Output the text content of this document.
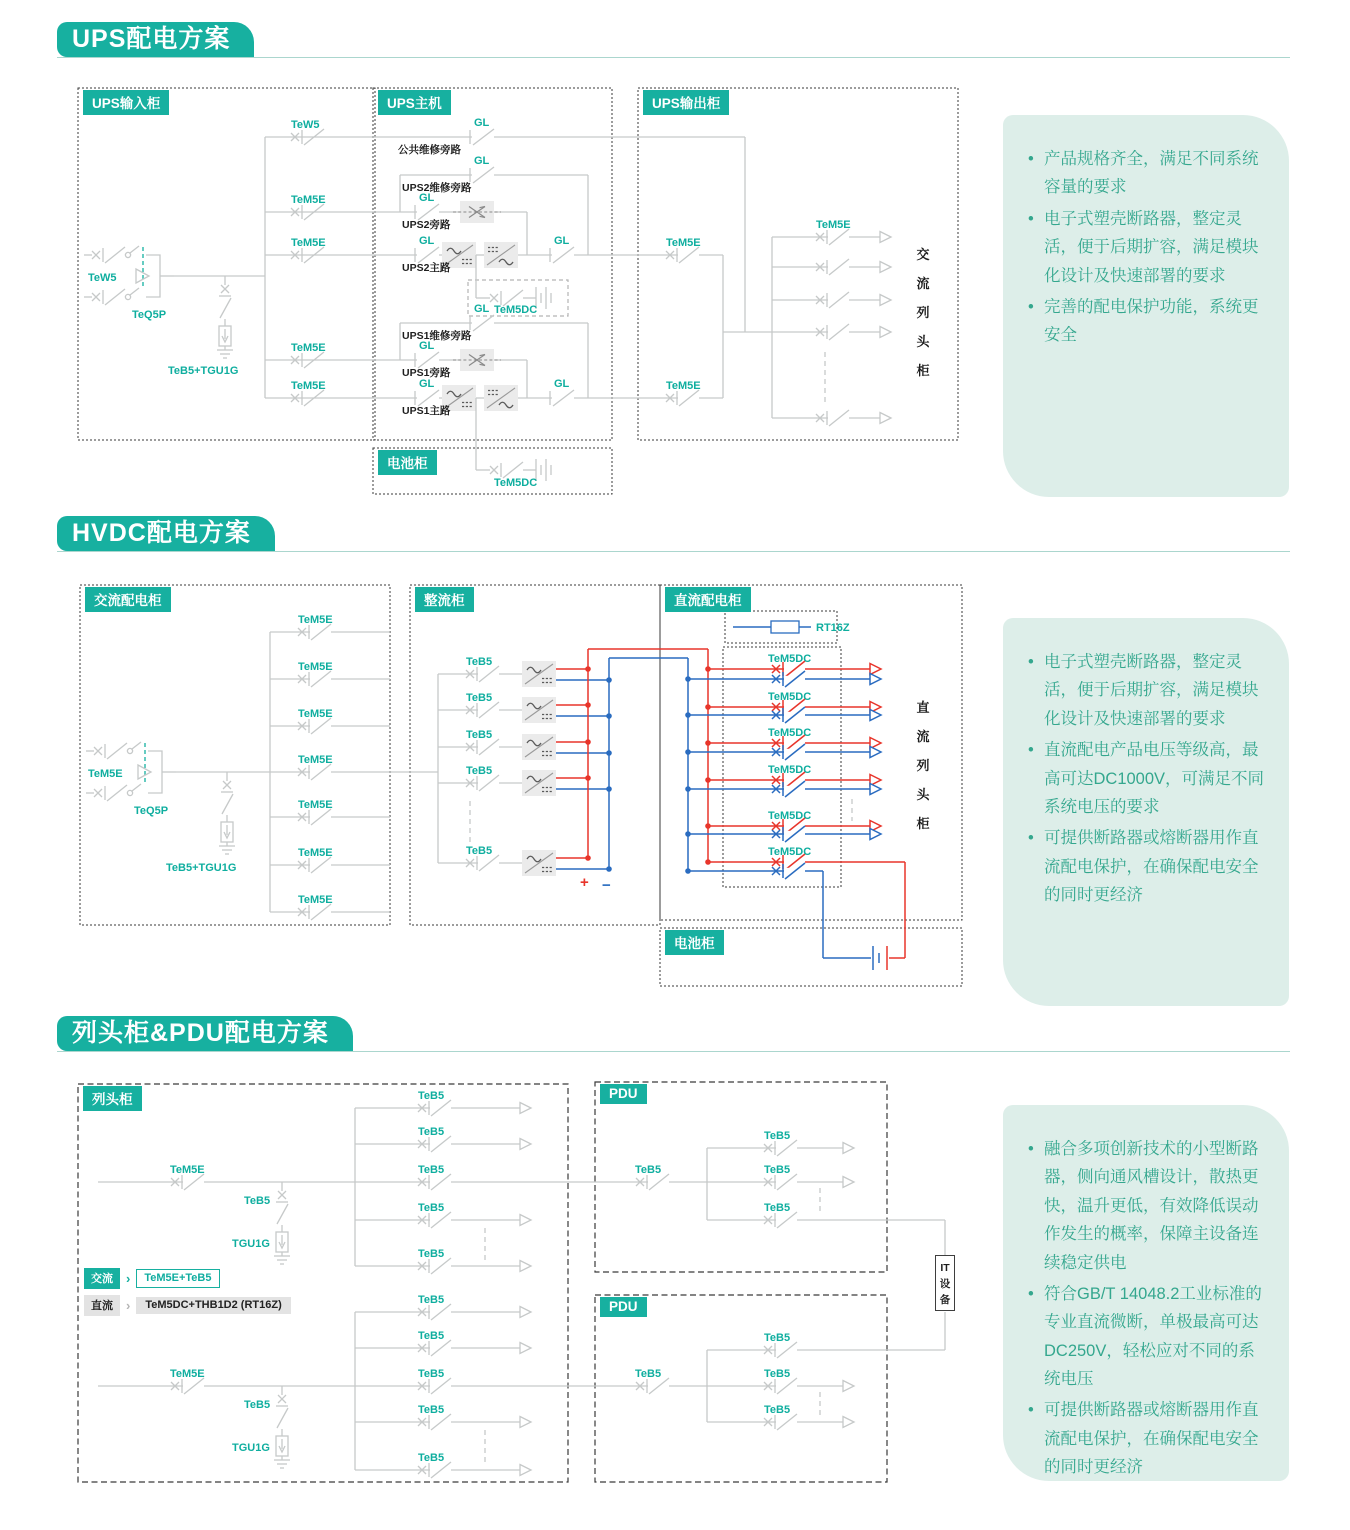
UPS配电方案
HVDC配电方案
列头柜&PDU配电方案
TeW5
TeQ5P
TeB5+TGU1G
TeW5
TeM5E
TeM5E
TeM5E
TeM5E
GL
公共维修旁路
GL
UPS2维修旁路
GL
UPS2旁路
GL	GL
UPS2主路
TeM5DC
GL
UPS1维修旁路
GL
UPS1旁路
GL	GL
UPS1主路
TeM5DC
TeM5E
TeM5E
TeM5E
UPS输入柜	UPS主机	UPS输出柜
电池柜
交流列头柜
• 产品规格齐全，满足不同系统容量的要求
• 电子式塑壳断路器，整定灵活，便于后期扩容，满足模块化设计及快速部署的要求
• 完善的配电保护功能，系统更安全
TeM5E
TeQ5P
TeB5+TGU1G
TeM5E
TeM5E
TeM5E
TeM5E
TeM5E
TeM5E
TeM5E
TeB5
TeB5
TeB5
TeB5
TeB5
+ −
RT16Z
TeM5DC
TeM5DC
TeM5DC
TeM5DC
TeM5DC
TeM5DC
交流配电柜	整流柜	直流配电柜
电池柜
直流列头柜
• 电子式塑壳断路器，整定灵活，便于后期扩容，满足模块化设计及快速部署的要求
• 直流配电产品电压等级高，最高可达DC1000V，可满足不同系统电压的要求
• 可提供断路器或熔断器用作直流配电保护，在确保配电安全的同时更经济
TeM5E
TeB5
TGU1G
TeB5
TeB5
TeB5
TeB5
TeB5
TeM5E
TeB5
TGU1G
TeB5
TeB5
TeB5
TeB5
TeB5
TeB5
TeB5
TeB5
TeB5
TeB5
TeB5
TeB5
TeB5
列头柜	PDU
PDU
IT设备
交流	›	TeM5E+TeB5
直流	›	TeM5DC+THB1D2 (RT16Z)
• 融合多项创新技术的小型断路器，侧向通风槽设计，散热更快，温升更低，有效降低误动作发生的概率，保障主设备连续稳定供电
• 符合GB/T 14048.2工业标准的专业直流微断，单极最高可达DC250V，轻松应对不同的系统电压
• 可提供断路器或熔断器用作直流配电保护，在确保配电安全的同时更经济
